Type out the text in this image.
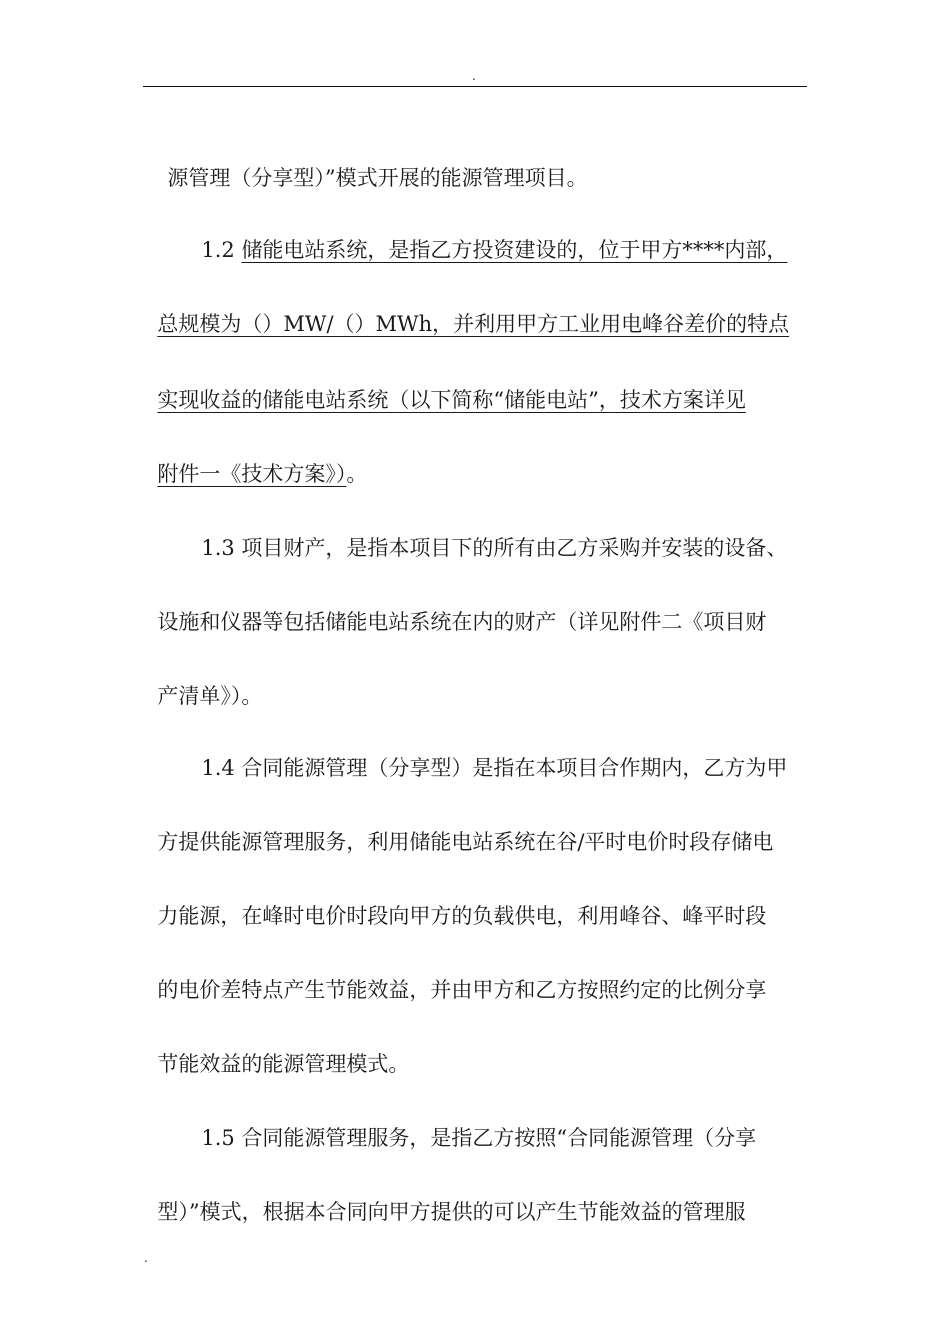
.

源管理（分享型）”模式开展的能源管理项目。

1.2 储能电站系统，是指乙方投资建设的，位于甲方****内部，

总规模为（）MW/（）MWh，并利用甲方工业用电峰谷差价的特点

实现收益的储能电站系统（以下简称“储能电站”，技术方案详见

附件一《技术方案》）。

1.3 项目财产，是指本项目下的所有由乙方采购并安装的设备、

设施和仪器等包括储能电站系统在内的财产（详见附件二《项目财

产清单》）。

1.4 合同能源管理（分享型）是指在本项目合作期内，乙方为甲

方提供能源管理服务，利用储能电站系统在谷/平时电价时段存储电

力能源，在峰时电价时段向甲方的负载供电，利用峰谷、峰平时段

的电价差特点产生节能效益，并由甲方和乙方按照约定的比例分享

节能效益的能源管理模式。

1.5 合同能源管理服务，是指乙方按照“合同能源管理（分享

型）”模式，根据本合同向甲方提供的可以产生节能效益的管理服

.
